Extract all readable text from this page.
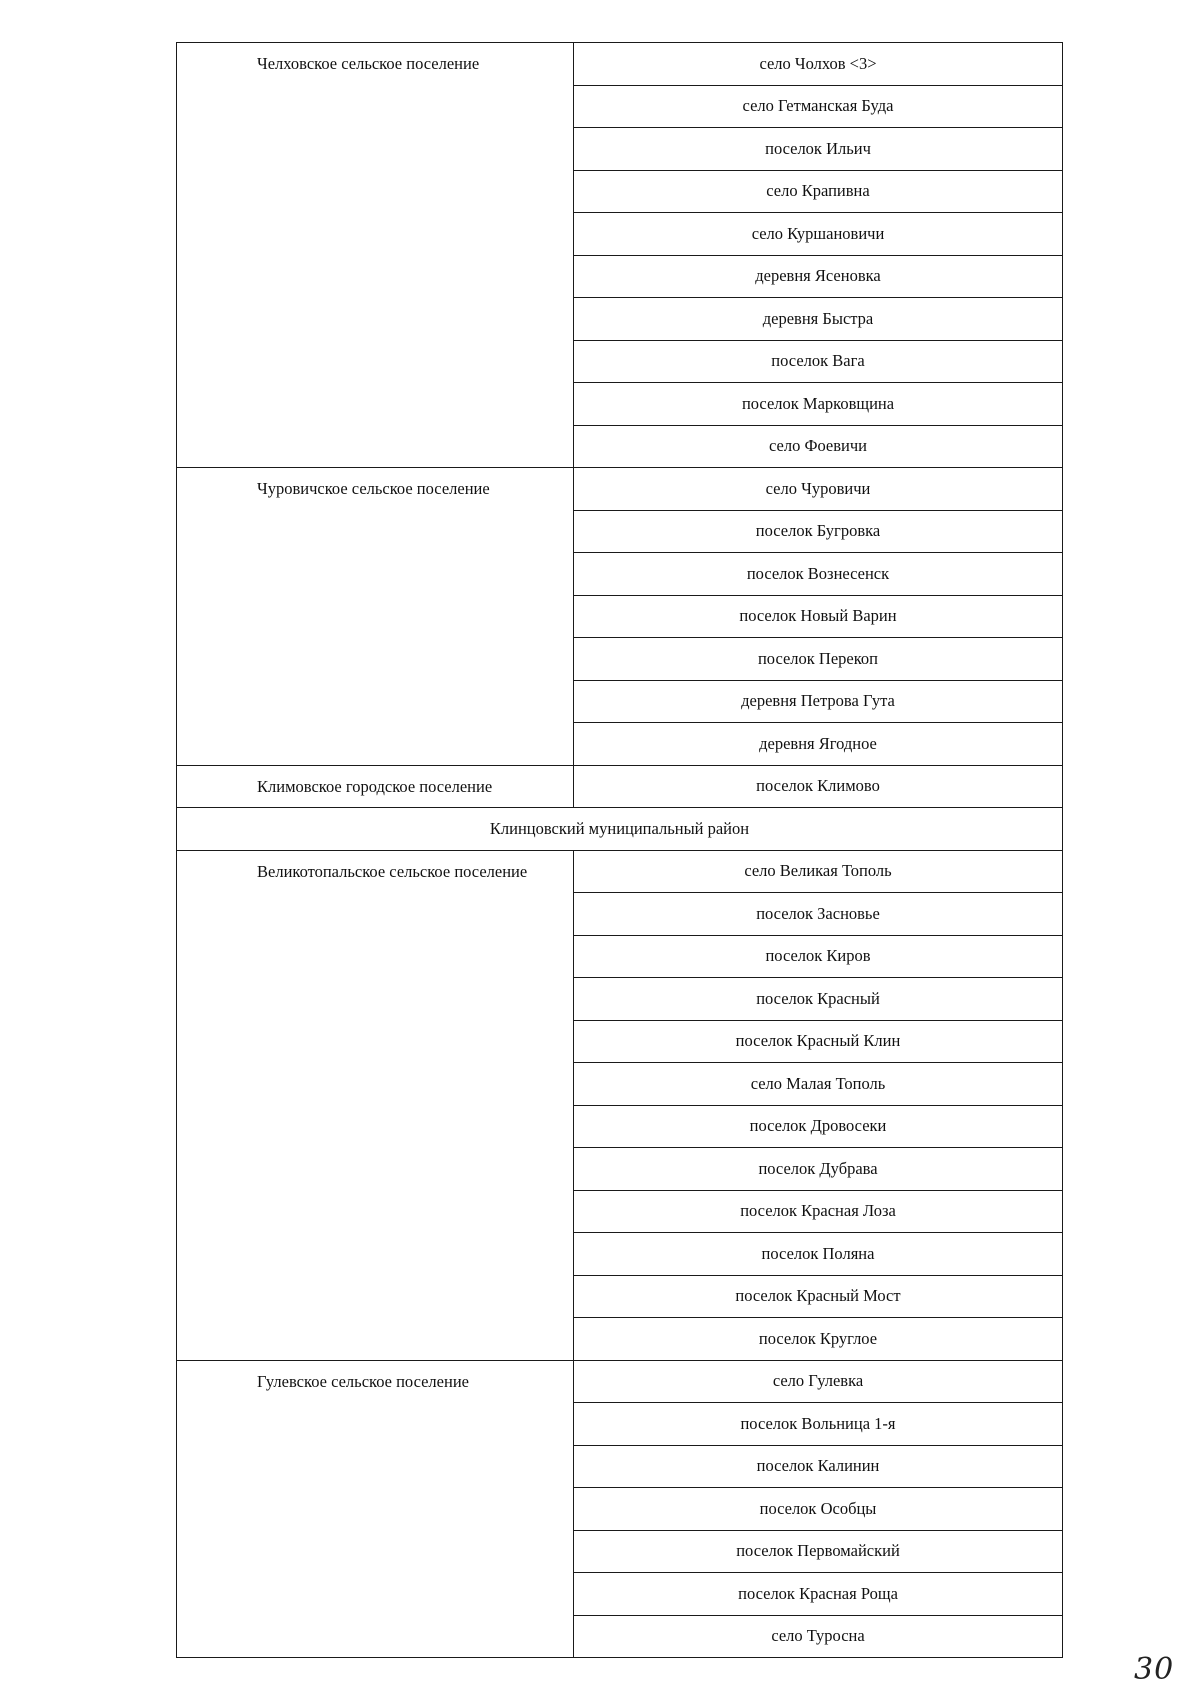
Челховское сельское поселение	село Чолхов <3>
	село Гетманская Буда
	поселок Ильич
	село Крапивна
	село Куршановичи
	деревня Ясеновка
	деревня Быстра
	поселок Вага
	поселок Марковщина
	село Фоевичи
Чуровичское сельское поселение	село Чуровичи
	поселок Бугровка
	поселок Вознесенск
	поселок Новый Варин
	поселок Перекоп
	деревня Петрова Гута
	деревня Ягодное
Климовское городское поселение	поселок Климово
Клинцовский муниципальный район	
Великотопальское сельское поселение	село Великая Тополь
	поселок Засновье
	поселок Киров
	поселок Красный
	поселок Красный Клин
	село Малая Тополь
	поселок Дровосеки
	поселок Дубрава
	поселок Красная Лоза
	поселок Поляна
	поселок Красный Мост
	поселок Круглое
Гулевское сельское поселение	село Гулевка
	поселок Вольница 1-я
	поселок Калинин
	поселок Особцы
	поселок Первомайский
	поселок Красная Роща
	село Туросна
30
